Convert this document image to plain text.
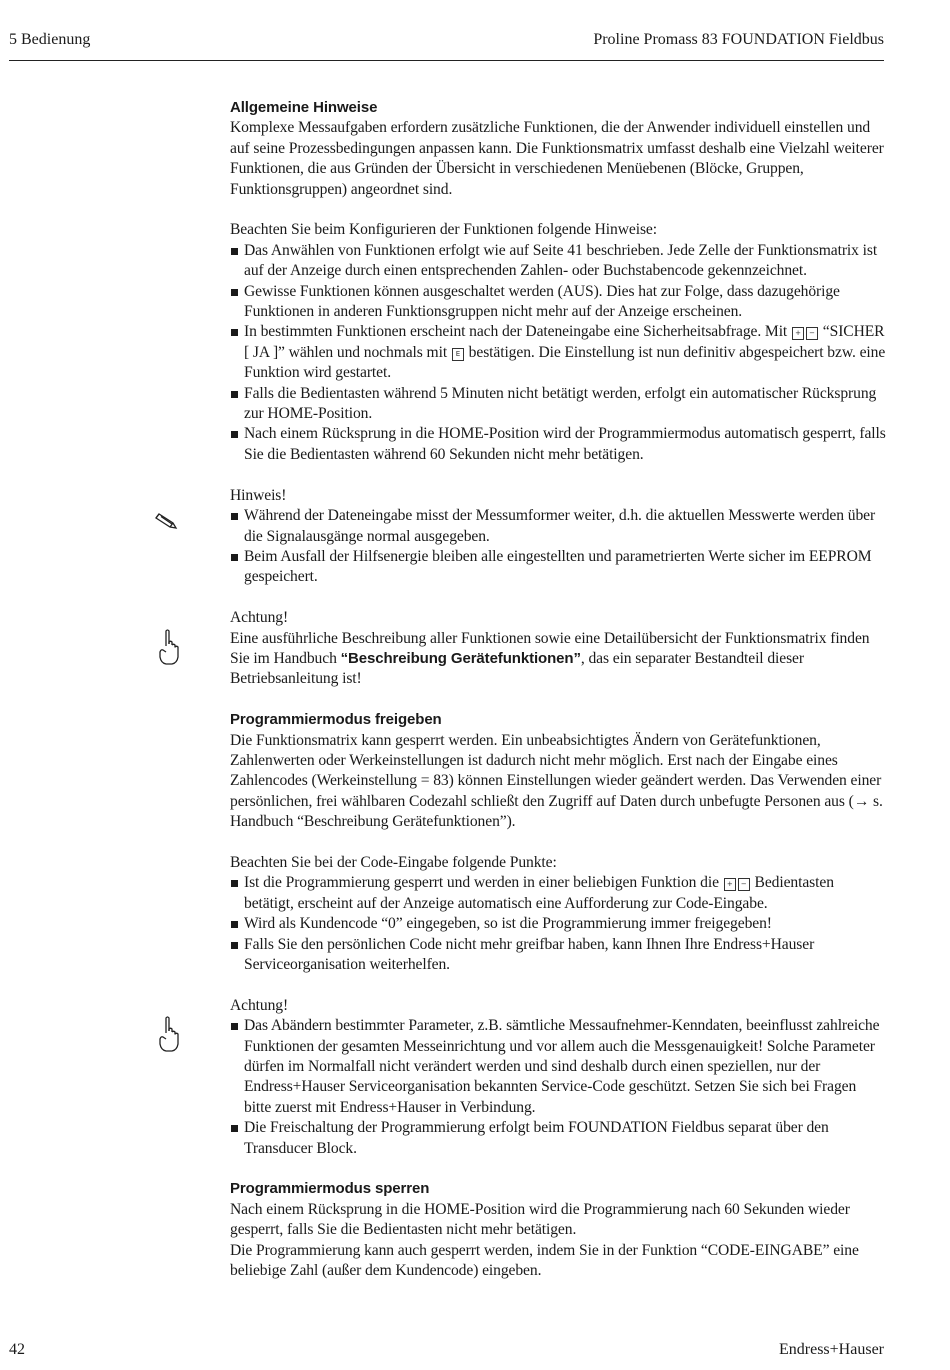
5 Bedienung	Proline Promass 83 FOUNDATION Fieldbus

Allgemeine Hinweise

Komplexe Messaufgaben erfordern zusätzliche Funktionen, die der Anwender individuell einstellen und auf seine Prozessbedingungen anpassen kann. Die Funktionsmatrix umfasst deshalb eine Vielzahl weiterer Funktionen, die aus Gründen der Übersicht in verschiedenen Menüebenen (Blöcke, Gruppen, Funktionsgruppen) angeordnet sind.

Beachten Sie beim Konfigurieren der Funktionen folgende Hinweise:

Das Anwählen von Funktionen erfolgt wie auf Seite 41 beschrieben. Jede Zelle der Funktionsmatrix ist auf der Anzeige durch einen entsprechenden Zahlen- oder Buchstabencode gekennzeichnet.
Gewisse Funktionen können ausgeschaltet werden (AUS). Dies hat zur Folge, dass dazugehörige Funktionen in anderen Funktionsgruppen nicht mehr auf der Anzeige erscheinen.
In bestimmten Funktionen erscheint nach der Dateneingabe eine Sicherheitsabfrage. Mit + − “SICHER [ JA ]” wählen und nochmals mit E bestätigen. Die Einstellung ist nun definitiv abgespeichert bzw. eine Funktion wird gestartet.
Falls die Bedientasten während 5 Minuten nicht betätigt werden, erfolgt ein automatischer Rücksprung zur HOME-Position.
Nach einem Rücksprung in die HOME-Position wird der Programmiermodus automatisch gesperrt, falls Sie die Bedientasten während 60 Sekunden nicht mehr betätigen.

Hinweis!

Während der Dateneingabe misst der Messumformer weiter, d.h. die aktuellen Messwerte werden über die Signalausgänge normal ausgegeben.
Beim Ausfall der Hilfsenergie bleiben alle eingestellten und parametrierten Werte sicher im EEPROM gespeichert.

Achtung!

Eine ausführliche Beschreibung aller Funktionen sowie eine Detailübersicht der Funktionsmatrix finden Sie im Handbuch “Beschreibung Gerätefunktionen”, das ein separater Bestandteil dieser Betriebsanleitung ist!

Programmiermodus freigeben

Die Funktionsmatrix kann gesperrt werden. Ein unbeabsichtigtes Ändern von Gerätefunktionen, Zahlenwerten oder Werkeinstellungen ist dadurch nicht mehr möglich. Erst nach der Eingabe eines Zahlencodes (Werkeinstellung = 83) können Einstellungen wieder geändert werden. Das Verwenden einer persönlichen, frei wählbaren Codezahl schließt den Zugriff auf Daten durch unbefugte Personen aus (→ s. Handbuch “Beschreibung Gerätefunktionen”).

Beachten Sie bei der Code-Eingabe folgende Punkte:

Ist die Programmierung gesperrt und werden in einer beliebigen Funktion die + − Bedientasten betätigt, erscheint auf der Anzeige automatisch eine Aufforderung zur Code-Eingabe.
Wird als Kundencode “0” eingegeben, so ist die Programmierung immer freigegeben!
Falls Sie den persönlichen Code nicht mehr greifbar haben, kann Ihnen Ihre Endress+Hauser Serviceorganisation weiterhelfen.

Achtung!

Das Abändern bestimmter Parameter, z.B. sämtliche Messaufnehmer-Kenndaten, beeinflusst zahlreiche Funktionen der gesamten Messeinrichtung und vor allem auch die Messgenauigkeit! Solche Parameter dürfen im Normalfall nicht verändert werden und sind deshalb durch einen speziellen, nur der Endress+Hauser Serviceorganisation bekannten Service-Code geschützt. Setzen Sie sich bei Fragen bitte zuerst mit Endress+Hauser in Verbindung.
Die Freischaltung der Programmierung erfolgt beim FOUNDATION Fieldbus separat über den Transducer Block.

Programmiermodus sperren

Nach einem Rücksprung in die HOME-Position wird die Programmierung nach 60 Sekunden wieder gesperrt, falls Sie die Bedientasten nicht mehr betätigen.

Die Programmierung kann auch gesperrt werden, indem Sie in der Funktion “CODE-EINGABE” eine beliebige Zahl (außer dem Kundencode) eingeben.

42	Endress+Hauser
